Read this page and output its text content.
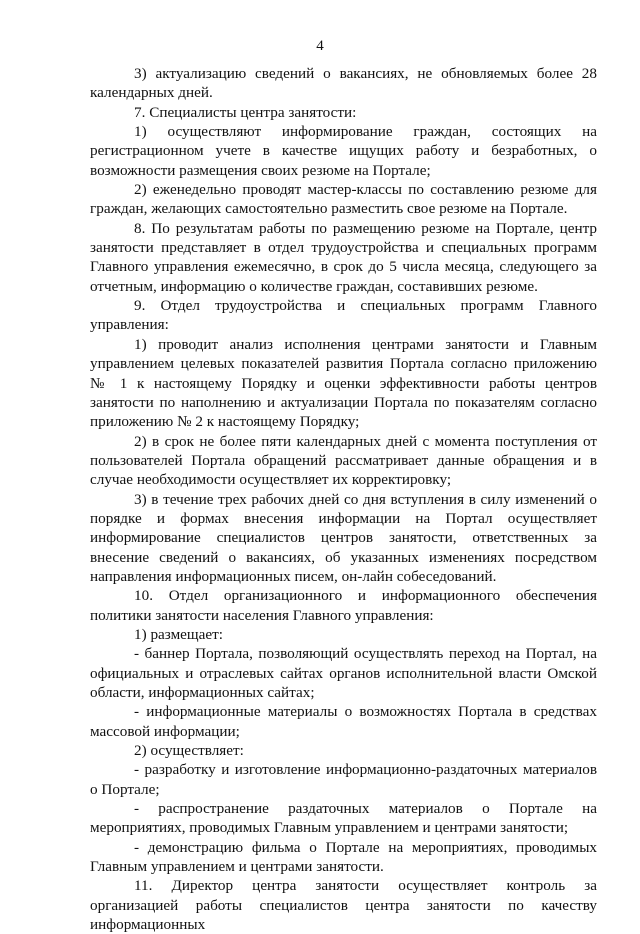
4

3) актуализацию сведений о вакансиях, не обновляемых более 28 календарных дней.

7. Специалисты центра занятости:

1) осуществляют информирование граждан, состоящих на регистрационном учете в качестве ищущих работу и безработных, о возможности размещения своих резюме на Портале;

2) еженедельно проводят мастер-классы по составлению резюме для граждан, желающих самостоятельно разместить свое резюме на Портале.

8. По результатам работы по размещению резюме на Портале, центр занятости представляет в отдел трудоустройства и специальных программ Главного управления ежемесячно, в срок до 5 числа месяца, следующего за отчетным, информацию о количестве граждан, составивших резюме.

9. Отдел трудоустройства и специальных программ Главного управления:

1) проводит анализ исполнения центрами занятости и Главным управлением целевых показателей развития Портала согласно приложению № 1 к настоящему Порядку и оценки эффективности работы центров занятости по наполнению и актуализации Портала по показателям согласно приложению № 2 к настоящему Порядку;

2) в срок не более пяти календарных дней с момента поступления от пользователей Портала обращений рассматривает данные обращения и в случае необходимости осуществляет их корректировку;

3) в течение трех рабочих дней со дня вступления в силу изменений о порядке и формах внесения информации на Портал осуществляет информирование специалистов центров занятости, ответственных за внесение сведений о вакансиях, об указанных изменениях посредством направления информационных писем, он-лайн собеседований.

10. Отдел организационного и информационного обеспечения политики занятости населения Главного управления:

1) размещает:

- баннер Портала, позволяющий осуществлять переход на Портал, на официальных и отраслевых сайтах органов исполнительной власти Омской области, информационных сайтах;

- информационные материалы о возможностях Портала в средствах массовой информации;

2) осуществляет:

- разработку и изготовление информационно-раздаточных материалов о Портале;

- распространение раздаточных материалов о Портале на мероприятиях, проводимых Главным управлением и центрами занятости;

- демонстрацию фильма о Портале на мероприятиях, проводимых Главным управлением и центрами занятости.

11. Директор центра занятости осуществляет контроль за организацией работы специалистов центра занятости по качеству информационных
